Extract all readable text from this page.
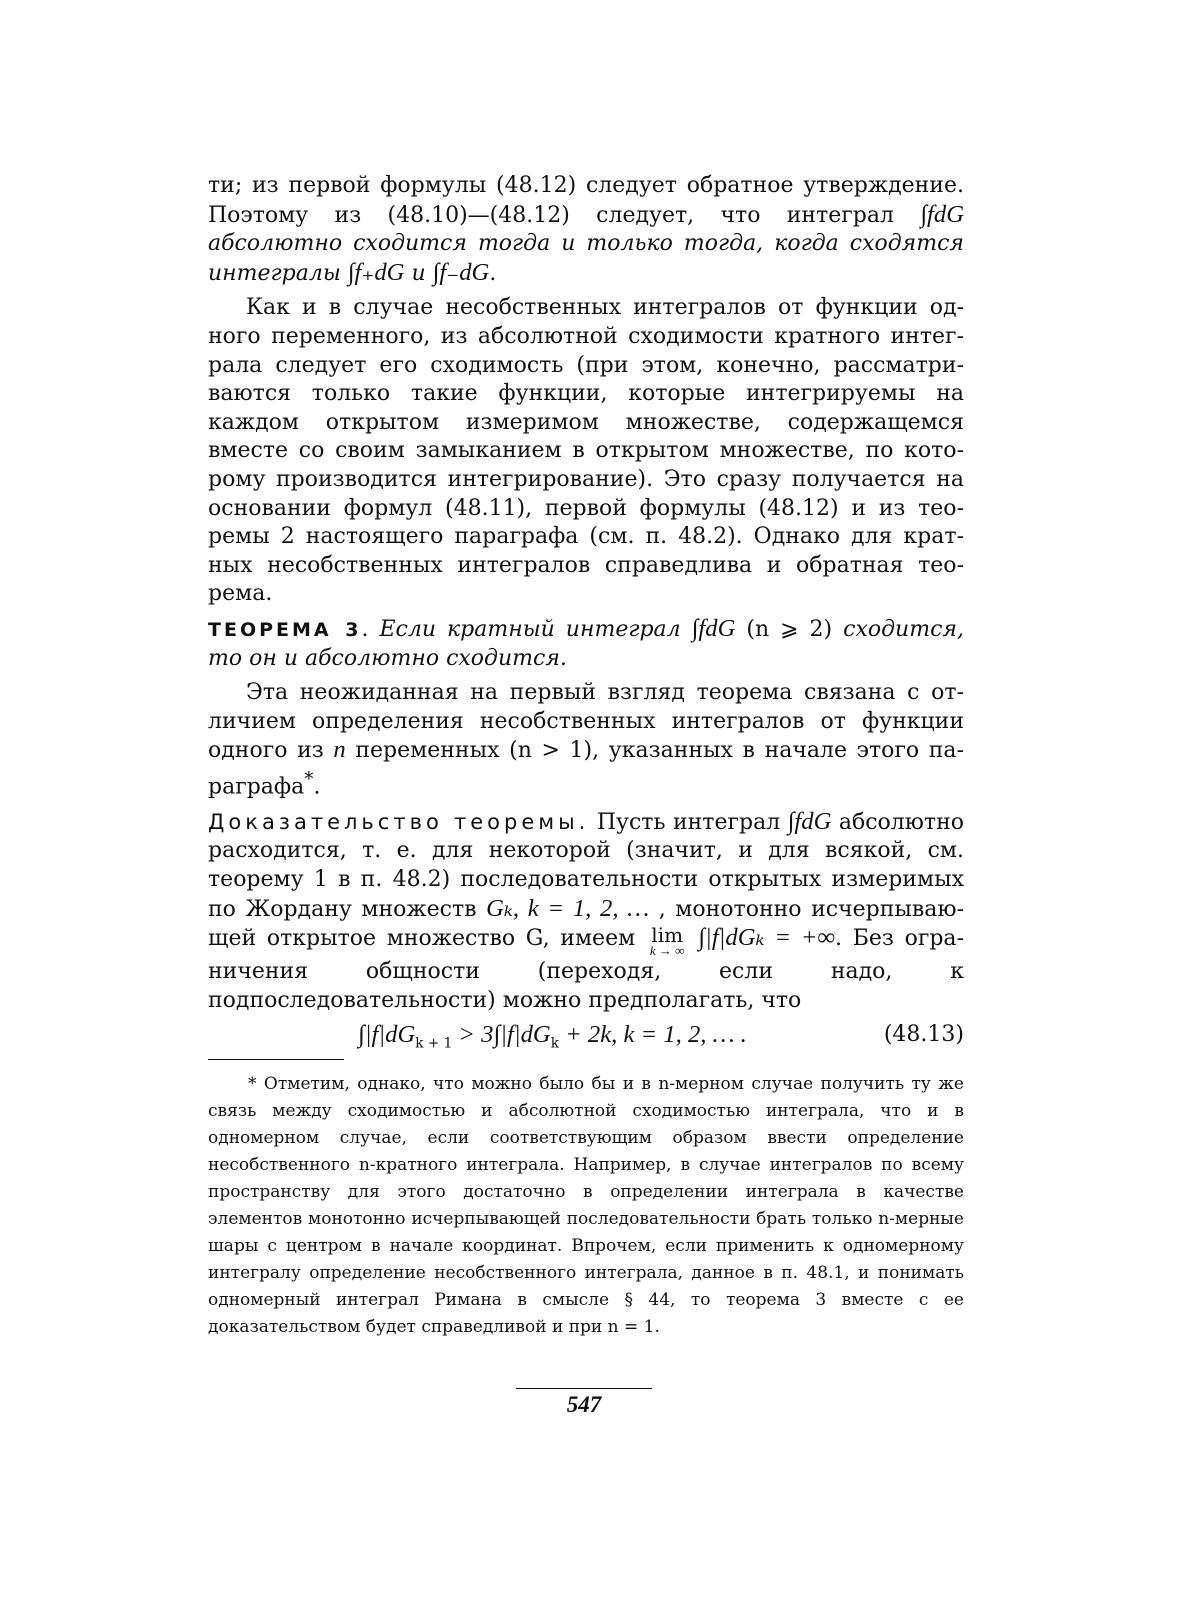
ти; из первой формулы (48.12) следует обратное утверждение. Поэтому из (48.10)—(48.12) следует, что интеграл ∫fdG абсолютно сходится тогда и только тогда, когда сходятся интегралы ∫f₊dG и ∫f₋dG.

Как и в случае несобственных интегралов от функции одного переменного, из абсолютной сходимости кратного интеграла следует его сходимость (при этом, конечно, рассматриваются только такие функции, которые интегрируемы на каждом открытом измеримом множестве, содержащемся вместе со своим замыканием в открытом множестве, по которому производится интегрирование). Это сразу получается на основании формул (48.11), первой формулы (48.12) и из теоремы 2 настоящего параграфа (см. п. 48.2). Однако для кратных несобственных интегралов справедлива и обратная теорема.

ТЕОРЕМА 3. Если кратный интеграл ∫fdG (n ⩾ 2) сходится, то он и абсолютно сходится.

Эта неожиданная на первый взгляд теорема связана с отличием определения несобственных интегралов от функции одного из n переменных (n > 1), указанных в начале этого параграфа*.

Доказательство теоремы. Пусть интеграл ∫fdG абсолютно расходится, т. е. для некоторой (значит, и для всякой, см. теорему 1 в п. 48.2) последовательности открытых измеримых по Жордану множеств Gₖ, k = 1, 2, … , монотонно исчерпывающей открытое множество G, имеем lim
k → ∞ ∫|f|dGₖ = +∞. Без ограничения общности (переходя, если надо, к подпоследовательности) можно предполагать, что

$\int|f|dG_{k + 1} > 3\int|f|dG_k + 2k$, k = 1, 2, … .	(48.13)

* Отметим, однако, что можно было бы и в n-мерном случае получить ту же связь между сходимостью и абсолютной сходимостью интеграла, что и в одномерном случае, если соответствующим образом ввести определение несобственного n-кратного интеграла. Например, в случае интегралов по всему пространству для этого достаточно в определении интеграла в качестве элементов монотонно исчерпывающей последовательности брать только n-мерные шары с центром в начале координат. Впрочем, если применить к одномерному интегралу определение несобственного интеграла, данное в п. 48.1, и понимать одномерный интеграл Римана в смысле § 44, то теорема 3 вместе с ее доказательством будет справедливой и при n = 1.

547
